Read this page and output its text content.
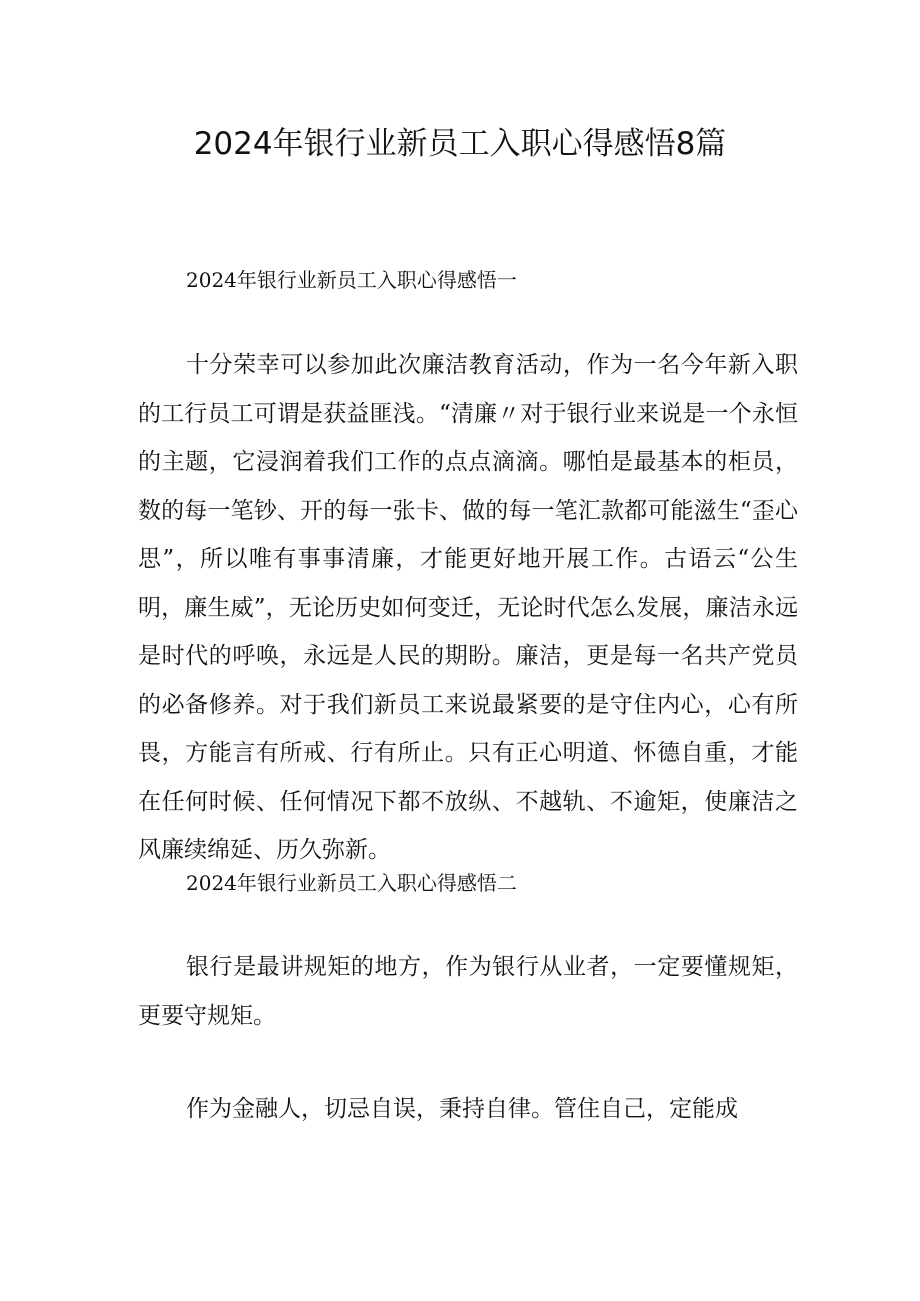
2024年银行业新员工入职心得感悟8篇
2024年银行业新员工入职心得感悟一

十分荣幸可以参加此次廉洁教育活动，作为一名今年新入职的工行员工可谓是获益匪浅。“清廉〃对于银行业来说是一个永恒的主题，它浸润着我们工作的点点滴滴。哪怕是最基本的柜员，数的每一笔钞、开的每一张卡、做的每一笔汇款都可能滋生“歪心思”，所以唯有事事清廉，才能更好地开展工作。古语云“公生明，廉生威”，无论历史如何变迁，无论时代怎么发展，廉洁永远是时代的呼唤，永远是人民的期盼。廉洁，更是每一名共产党员的必备修养。对于我们新员工来说最紧要的是守住内心，心有所畏，方能言有所戒、行有所止。只有正心明道、怀德自重，才能在任何时候、任何情况下都不放纵、不越轨、不逾矩，使廉洁之风廉续绵延、历久弥新。

2024年银行业新员工入职心得感悟二

银行是最讲规矩的地方，作为银行从业者，一定要懂规矩，更要守规矩。

作为金融人，切忌自误，秉持自律。管住自己，定能成
